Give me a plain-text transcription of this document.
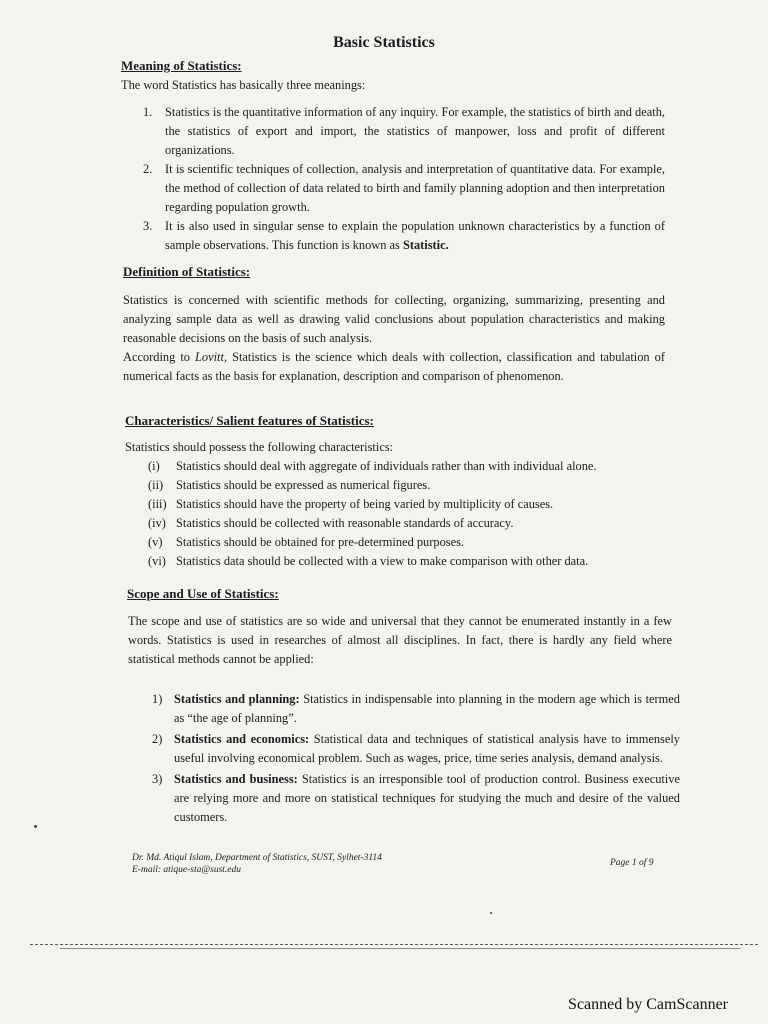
Basic Statistics
Meaning of Statistics:
The word Statistics has basically three meanings:
1. Statistics is the quantitative information of any inquiry. For example, the statistics of birth and death, the statistics of export and import, the statistics of manpower, loss and profit of different organizations.
2. It is scientific techniques of collection, analysis and interpretation of quantitative data. For example, the method of collection of data related to birth and family planning adoption and then interpretation regarding population growth.
3. It is also used in singular sense to explain the population unknown characteristics by a function of sample observations. This function is known as Statistic.
Definition of Statistics:
Statistics is concerned with scientific methods for collecting, organizing, summarizing, presenting and analyzing sample data as well as drawing valid conclusions about population characteristics and making reasonable decisions on the basis of such analysis.
According to Lovitt, Statistics is the science which deals with collection, classification and tabulation of numerical facts as the basis for explanation, description and comparison of phenomenon.
Characteristics/ Salient features of Statistics:
Statistics should possess the following characteristics:
(i) Statistics should deal with aggregate of individuals rather than with individual alone.
(ii) Statistics should be expressed as numerical figures.
(iii) Statistics should have the property of being varied by multiplicity of causes.
(iv) Statistics should be collected with reasonable standards of accuracy.
(v) Statistics should be obtained for pre-determined purposes.
(vi) Statistics data should be collected with a view to make comparison with other data.
Scope and Use of Statistics:
The scope and use of statistics are so wide and universal that they cannot be enumerated instantly in a few words. Statistics is used in researches of almost all disciplines. In fact, there is hardly any field where statistical methods cannot be applied:
1) Statistics and planning: Statistics in indispensable into planning in the modern age which is termed as “the age of planning”.
2) Statistics and economics: Statistical data and techniques of statistical analysis have to immensely useful involving economical problem. Such as wages, price, time series analysis, demand analysis.
3) Statistics and business: Statistics is an irresponsible tool of production control. Business executive are relying more and more on statistical techniques for studying the much and desire of the valued customers.
Dr. Md. Atiqul Islam, Department of Statistics, SUST, Sylhet-3114
E-mail: atique-sta@sust.edu
Page 1 of 9
Scanned by CamScanner
